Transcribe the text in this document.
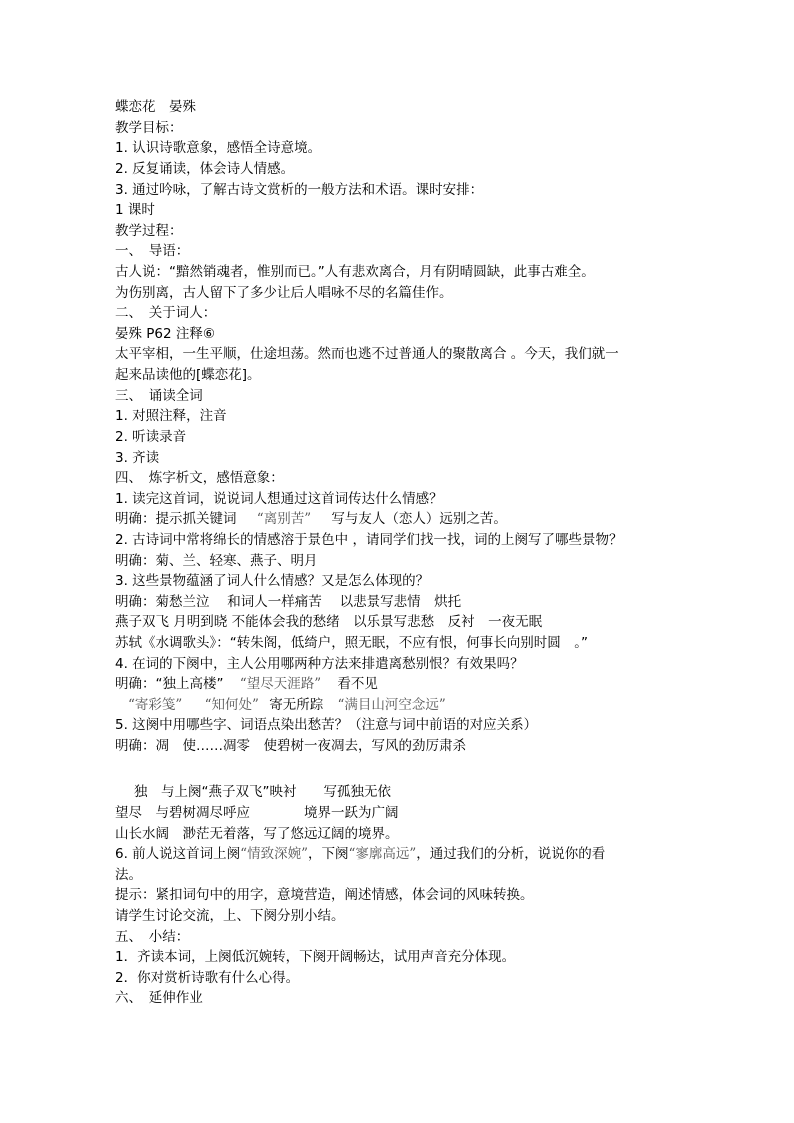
蝶恋花　晏殊
教学目标：
1. 认识诗歌意象，感悟全诗意境。
2. 反复诵读，体会诗人情感。
3. 通过吟咏，了解古诗文赏析的一般方法和术语。课时安排：
1 课时
教学过程：
一、　导语：
古人说：“黯然销魂者，惟别而已。”人有悲欢离合，月有阴晴圆缺，此事古难全。
为伤别离，古人留下了多少让后人唱咏不尽的名篇佳作。
二、　关于词人：
晏殊 P62 注释⑥
太平宰相，一生平顺，仕途坦荡。然而也逃不过普通人的聚散离合 。今天，我们就一
起来品读他的[蝶恋花]。
三、　诵读全词
1. 对照注释，注音
2. 听读录音
3. 齐读
四、　炼字析文，感悟意象：
1. 读完这首词，说说词人想通过这首词传达什么情感？
明确：提示抓关键词 “离别苦” 写与友人（恋人）远别之苦。
2. 古诗词中常将绵长的情感溶于景色中 ，请同学们找一找，词的上阕写了哪些景物？
明确：菊、兰、轻寒、燕子、明月
3. 这些景物蕴涵了词人什么情感？又是怎么体现的？
明确：菊愁兰泣　 和词人一样痛苦　 以悲景写悲情　烘托
燕子双飞 月明到晓 不能体会我的愁绪　以乐景写悲愁　反衬　一夜无眠
苏轼《水调歌头》：“转朱阁，低绮户，照无眠，不应有恨，何事长向别时圆　。”
4. 在词的下阕中，主人公用哪两种方法来排遣离愁别恨？有效果吗？
明确：“独上高楼” “望尽天涯路” 看不见
“寄彩笺” “知何处” 寄无所踪 “满目山河空念远”
5. 这阕中用哪些字、词语点染出愁苦？（注意与词中前语的对应关系）
明确：凋　使……凋零　使碧树一夜凋去，写风的劲厉肃杀
独　与上阕“燕子双飞”映衬　　写孤独无依
望尽　与碧树凋尽呼应　　　　境界一跃为广阔
山长水阔　渺茫无着落，写了悠远辽阔的境界。
6. 前人说这首词上阕“情致深婉”，下阕“寥廓高远”，通过我们的分析，说说你的看
法。
提示：紧扣词句中的用字，意境营造，阐述情感，体会词的风味转换。
请学生讨论交流，上、下阕分别小结。
五、　小结：
1．齐读本词，上阕低沉婉转，下阕开阔畅达，试用声音充分体现。
2．你对赏析诗歌有什么心得。
六、　延伸作业
